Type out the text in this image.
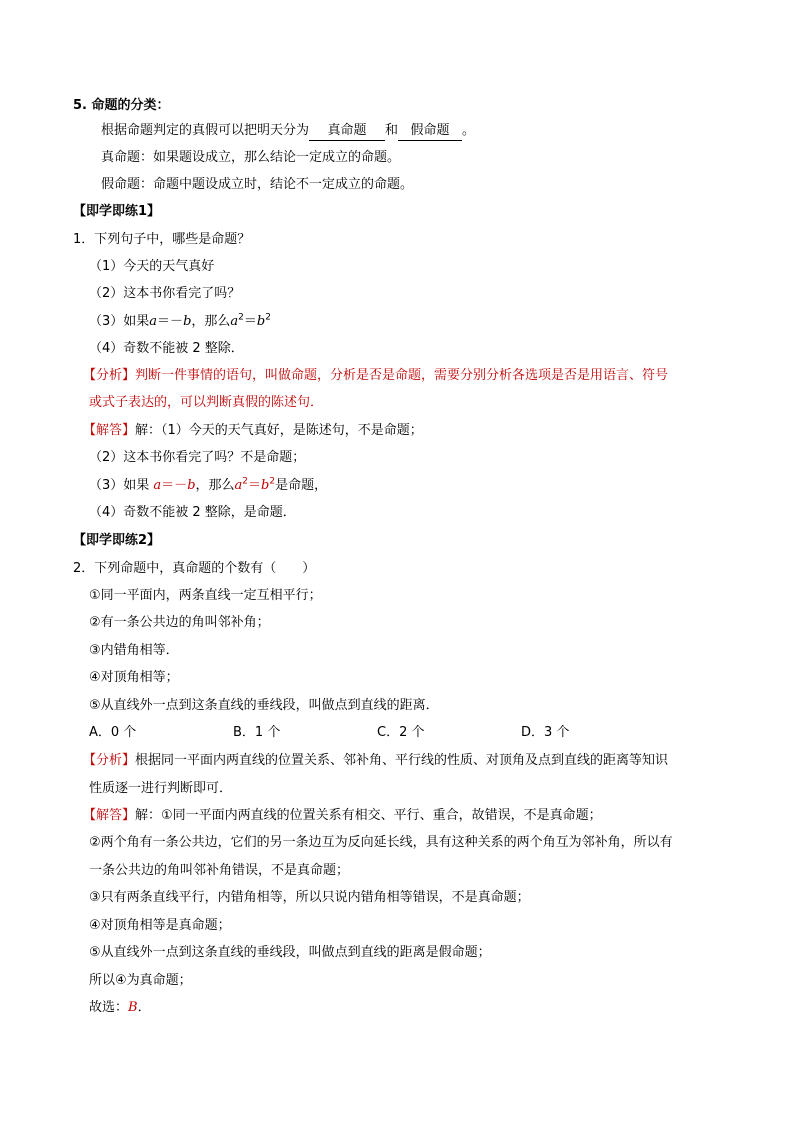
5. 命题的分类：
根据命题判定的真假可以把明天分为 真命题 和 假命题 。
真命题：如果题设成立，那么结论一定成立的命题。
假命题：命题中题设成立时，结论不一定成立的命题。
【即学即练1】
1．下列句子中，哪些是命题？
（1）今天的天气真好
（2）这本书你看完了吗？
（3）如果a＝－b，那么$a^2=b^2$
（4）奇数不能被 2 整除．
【分析】判断一件事情的语句，叫做命题，分析是否是命题，需要分别分析各选项是否是用语言、符号
或式子表达的，可以判断真假的陈述句．
【解答】解：（1）今天的天气真好，是陈述句，不是命题；
（2）这本书你看完了吗？不是命题；
（3）如果 a＝－b，那么$a^2=b^2$是命题，
（4）奇数不能被 2 整除，是命题．
【即学即练2】
2．下列命题中，真命题的个数有（　　）
①同一平面内，两条直线一定互相平行；
②有一条公共边的角叫邻补角；
③内错角相等．
④对顶角相等；
⑤从直线外一点到这条直线的垂线段，叫做点到直线的距离．
A．0 个	B．1 个	C．2 个	D．3 个
【分析】根据同一平面内两直线的位置关系、邻补角、平行线的性质、对顶角及点到直线的距离等知识
性质逐一进行判断即可．
【解答】解：①同一平面内两直线的位置关系有相交、平行、重合，故错误，不是真命题；
②两个角有一条公共边，它们的另一条边互为反向延长线，具有这种关系的两个角互为邻补角，所以有
一条公共边的角叫邻补角错误，不是真命题；
③只有两条直线平行，内错角相等，所以只说内错角相等错误，不是真命题；
④对顶角相等是真命题；
⑤从直线外一点到这条直线的垂线段，叫做点到直线的距离是假命题；
所以④为真命题；
故选：B．
